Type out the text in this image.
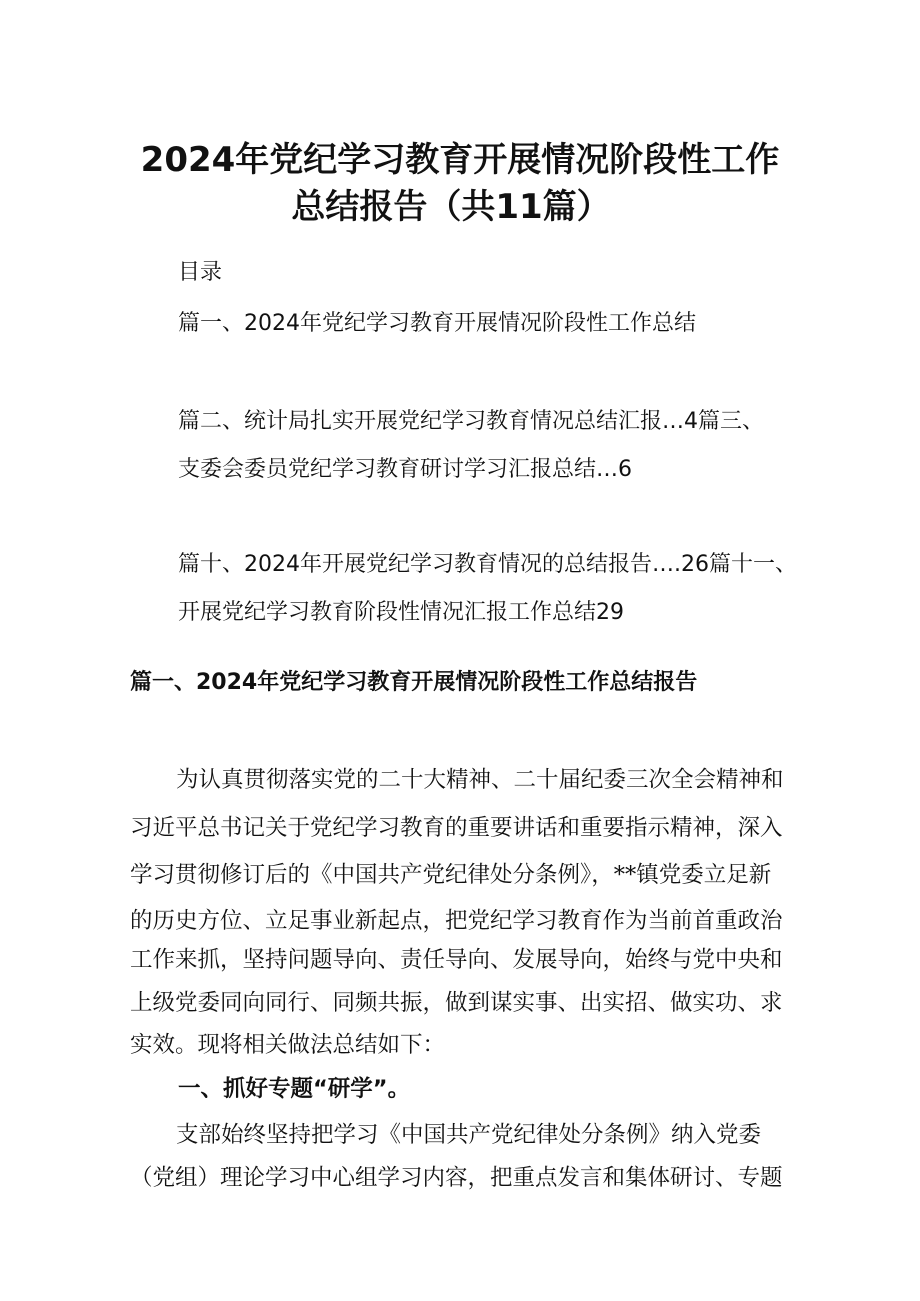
2024年党纪学习教育开展情况阶段性工作
总结报告（共11篇）
目录
篇一、2024年党纪学习教育开展情况阶段性工作总结
篇二、统计局扎实开展党纪学习教育情况总结汇报…4篇三、
支委会委员党纪学习教育研讨学习汇报总结…6
篇十、2024年开展党纪学习教育情况的总结报告….26篇十一、
开展党纪学习教育阶段性情况汇报工作总结29
篇一、2024年党纪学习教育开展情况阶段性工作总结报告
为认真贯彻落实党的二十大精神、二十届纪委三次全会精神和
习近平总书记关于党纪学习教育的重要讲话和重要指示精神，深入
学习贯彻修订后的《中国共产党纪律处分条例》，**镇党委立足新
的历史方位、立足事业新起点，把党纪学习教育作为当前首重政治
工作来抓，坚持问题导向、责任导向、发展导向，始终与党中央和
上级党委同向同行、同频共振，做到谋实事、出实招、做实功、求
实效。现将相关做法总结如下：
一、抓好专题“研学”。
支部始终坚持把学习《中国共产党纪律处分条例》纳入党委
（党组）理论学习中心组学习内容，把重点发言和集体研讨、专题
